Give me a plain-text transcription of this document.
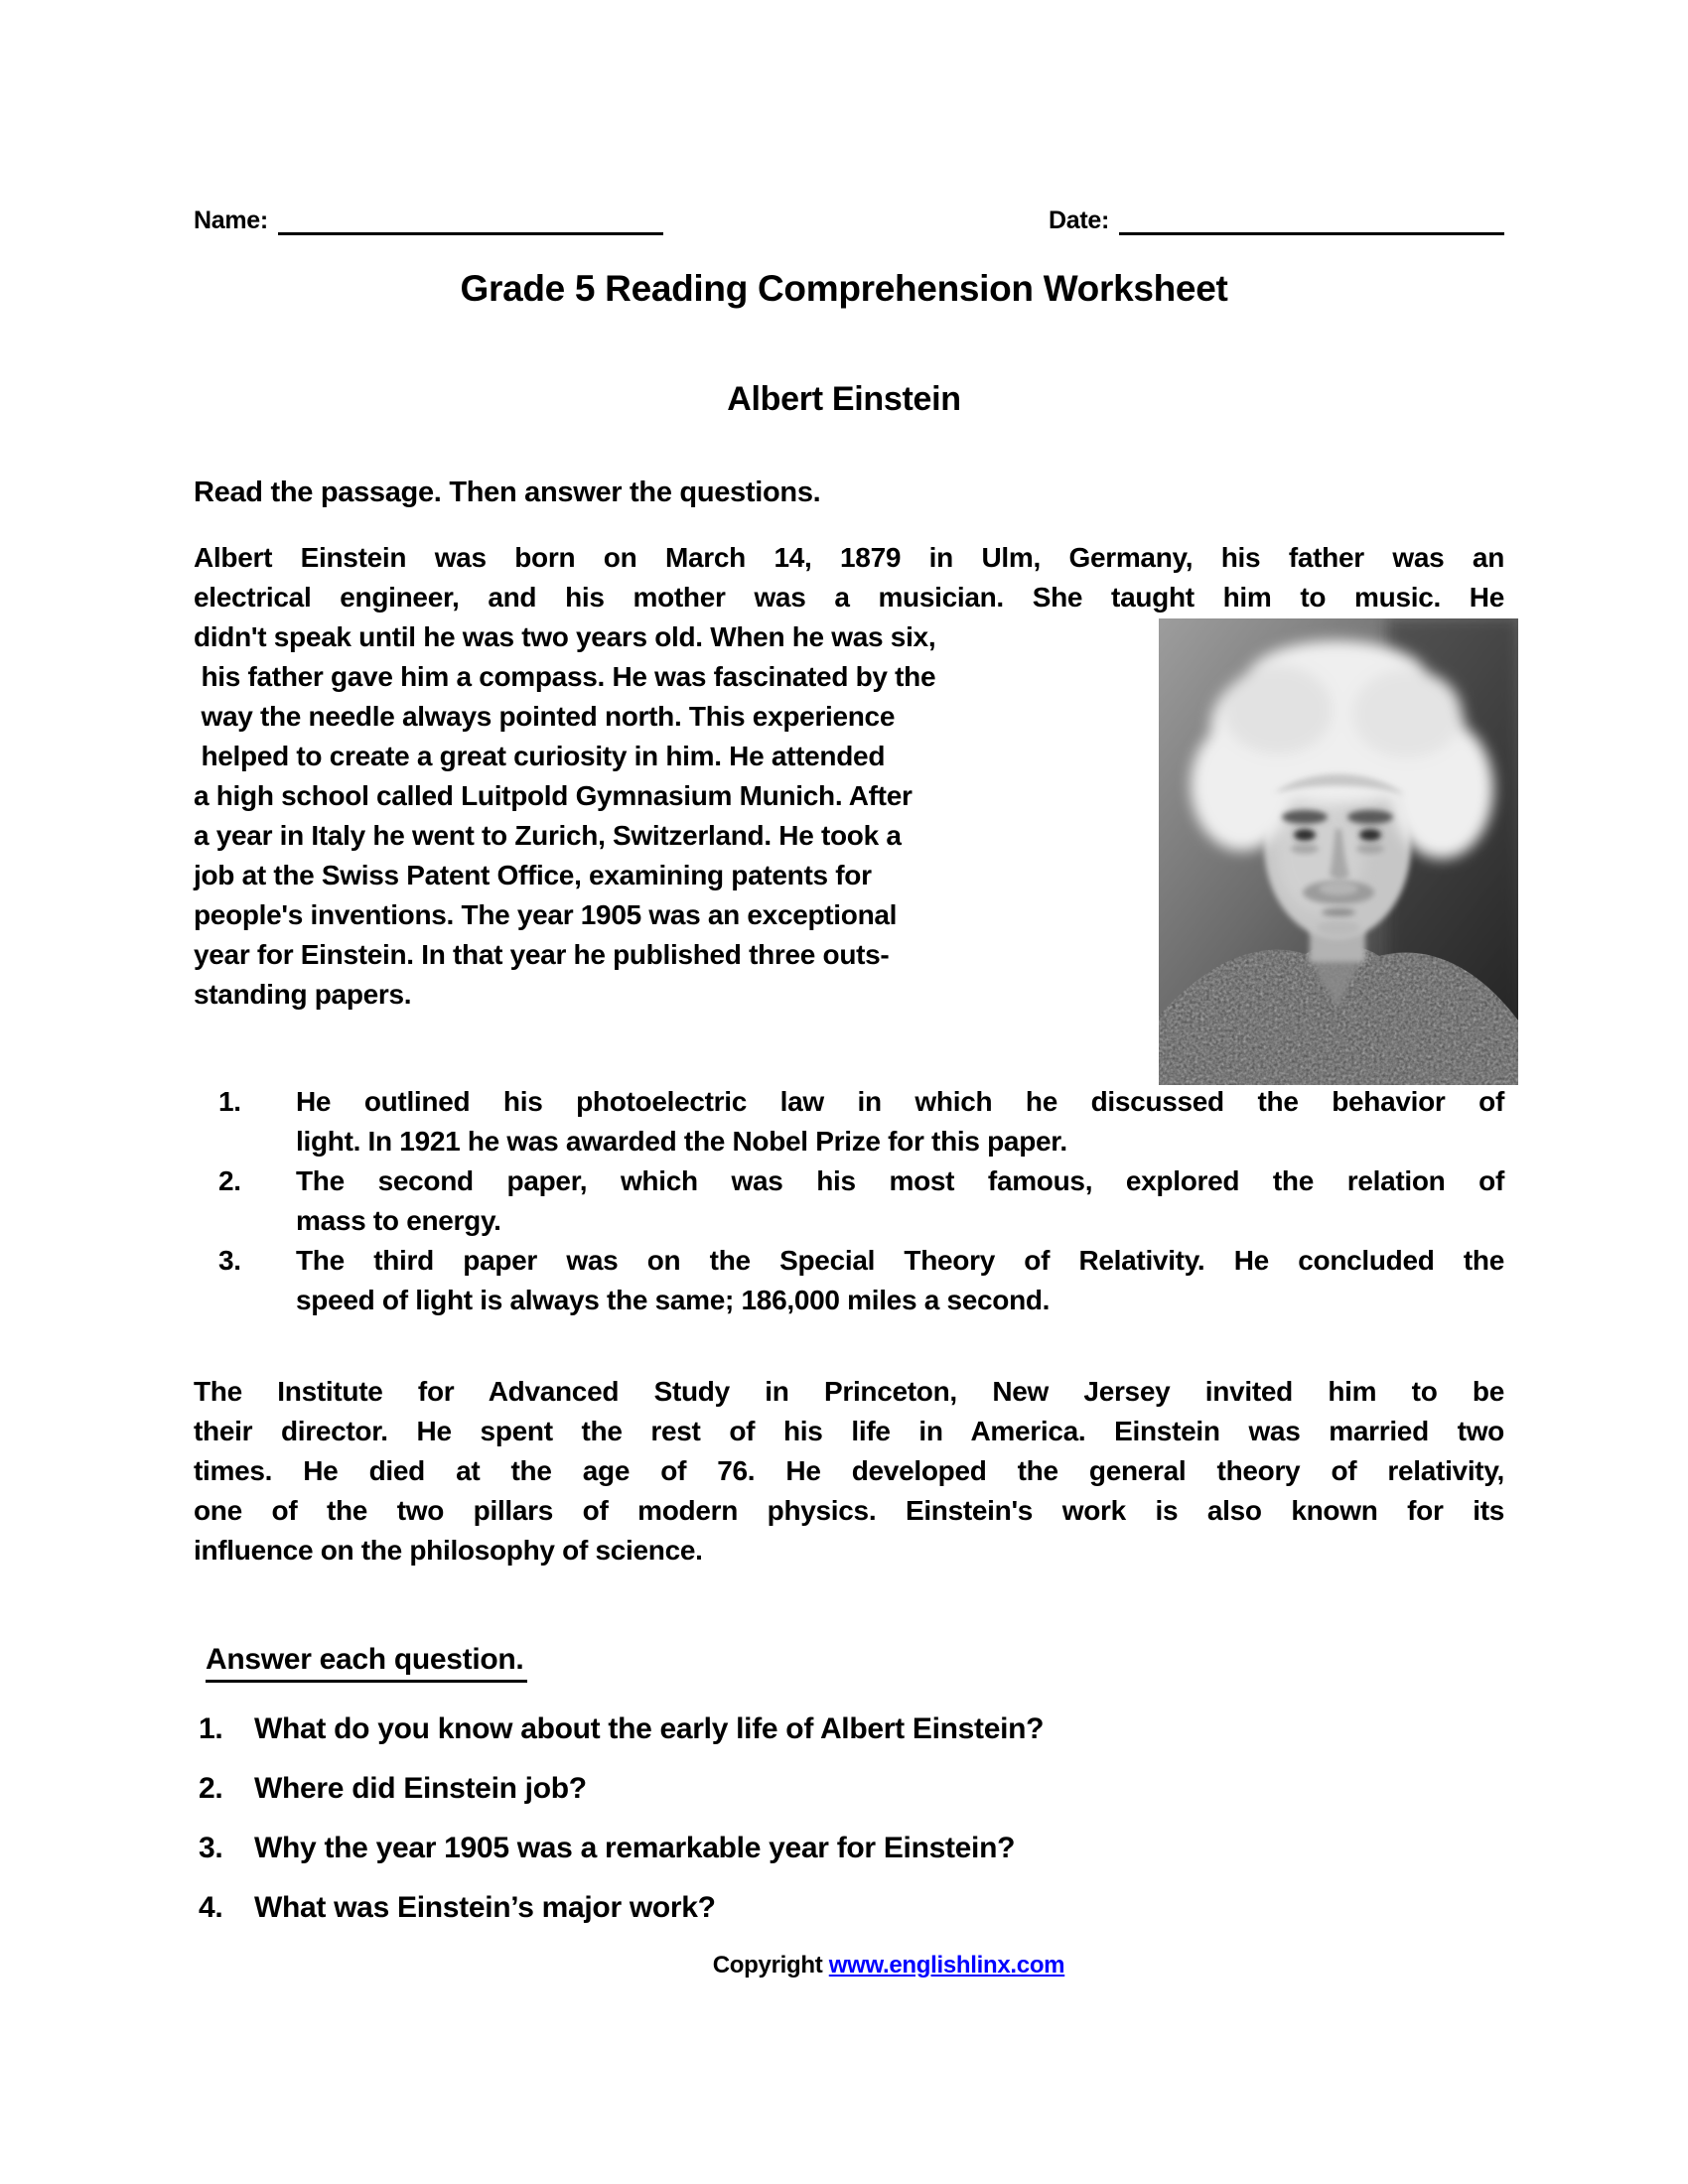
Name:	Date:
Grade 5 Reading Comprehension Worksheet
Albert Einstein
Read the passage. Then answer the questions.
Albert Einstein was born on March 14, 1879 in Ulm, Germany, his father was an
electrical engineer, and his mother was a musician. She taught him to music. He
didn't speak until he was two years old. When he was six,
his father gave him a compass. He was fascinated by the
way the needle always pointed north. This experience
helped to create a great curiosity in him. He attended
a high school called Luitpold Gymnasium Munich. After
a year in Italy he went to Zurich, Switzerland. He took a
job at the Swiss Patent Office, examining patents for
people's inventions. The year 1905 was an exceptional
year for Einstein. In that year he published three outs-
standing papers.
1.	He outlined his photoelectric law in which he discussed the behavior of
light. In 1921 he was awarded the Nobel Prize for this paper.
2.	The second paper, which was his most famous, explored the relation of
mass to energy.
3.	The third paper was on the Special Theory of Relativity. He concluded the
speed of light is always the same; 186,000 miles a second.
The Institute for Advanced Study in Princeton, New Jersey invited him to be
their director. He spent the rest of his life in America. Einstein was married two
times. He died at the age of 76. He developed the general theory of relativity,
one of the two pillars of modern physics. Einstein's work is also known for its
influence on the philosophy of science.
Answer each question.
1.	What do you know about the early life of Albert Einstein?
2.	Where did Einstein job?
3.	Why the year 1905 was a remarkable year for Einstein?
4.	What was Einstein’s major work?
Copyright www.englishlinx.com
